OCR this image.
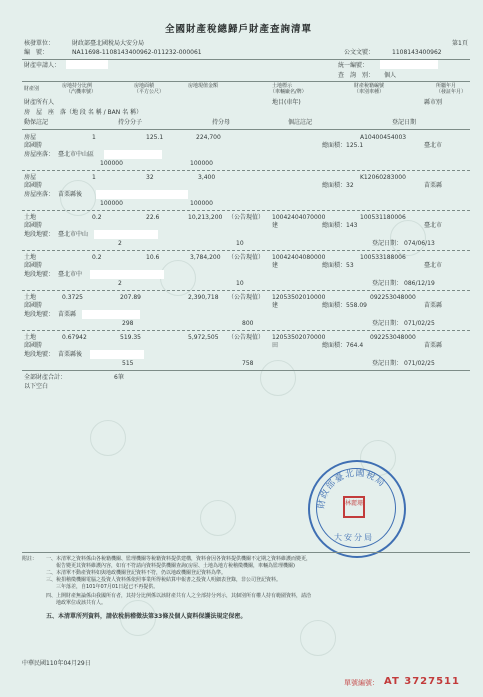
全國財產稅總歸戶財產查詢清單
第1頁
核發單位：	財政部臺北國稅局大安分局
編　號：	NA11698-1108143400962-011232-000061	公文文號：	1108143400962
財產申請人：	統一編號：
查　詢　別： 個人
財產別	房地持分比例
（汽機車號）
房地面積
（平方公尺）
房地現值金額	土地標示
（車輛廠名/牌）
財產稅籍編號
（車別車種）
所屬年月
（發証年月）
財產所有人	地目(車年)	縣市別
房　屋　座　落（地 段 名 稱 / BAN 名 稱）
動保註記	持分分子	持分母	個註註記	登記日期
房屋	1	125.1	224,700	A10400454003
邱國勝	總面積： 125.1	臺北市
房屋座落： 臺北市中山區
100000	100000
房屋	1	32	3,400	K12060283000
邱國勝	總面積： 32	苗栗縣
房屋座落： 苗栗縣後
100000	100000
土地	0.2	22.6	10,213,200 （公告現值） 10042404070000	100531180006
邱國勝	建	總面積： 143	臺北市
地段地號： 臺北市中山
2	10	登記日期： 074/06/13
土地	0.2	10.6	3,784,200 （公告現值） 10042404080000	100533188006
邱國勝	建	總面積： 53	臺北市
地段地號： 臺北市中
2	10	登記日期： 086/12/19
土地	0.3725	207.89	2,390,718 （公告現值） 12053502010000	092253048000
邱國勝	建	總面積： 558.09	苗栗縣
地段地號： 苗栗縣
298	800	登記日期： 071/02/25
土地	0.67942	519.35	5,972,505 （公告現值） 12053502070000	092253048000
邱國勝	田	總面積： 764.4	苗栗縣
地段地號： 苗栗縣後
515	758	登記日期： 071/02/25
全部財產合計：	6筆
以下空白
財政部臺北國稅局
林麗珊
大安分局
附註： 一、本清單之資料係由各稅籍機關、監理機關等稅籍資料提供建構，資料會因各資料提供機關不定期之資料維護而變更，
　　報告變更其資料維護內容，如有不符請向資料提供機關查詢(房屋、土地為地方稅稽徵機關，車輛為監理機關)
二、本清單不動產資料如與地政機關登記資料不符，仍以地政機關登記資料為準。
三、稅捐稽徵機關電腦之投資人資料係依照事業所得稅結算申報書之投資人明細表登錄，非公司登記資料。
　　三年落差，自101年07月01日起已不再提供。
四、上開財產無論係由我國所有者，其持分比例係以該財產共有人之全部持分列示，其個別所有權人持有範圍資料，請洽
　　地政單位或該共有人。
五、本清單所列資料，請依稅捐稽徵法第33條及個人資料保護法規定保密。
中華民國110年04月29日
單號編號： AT 3727511
